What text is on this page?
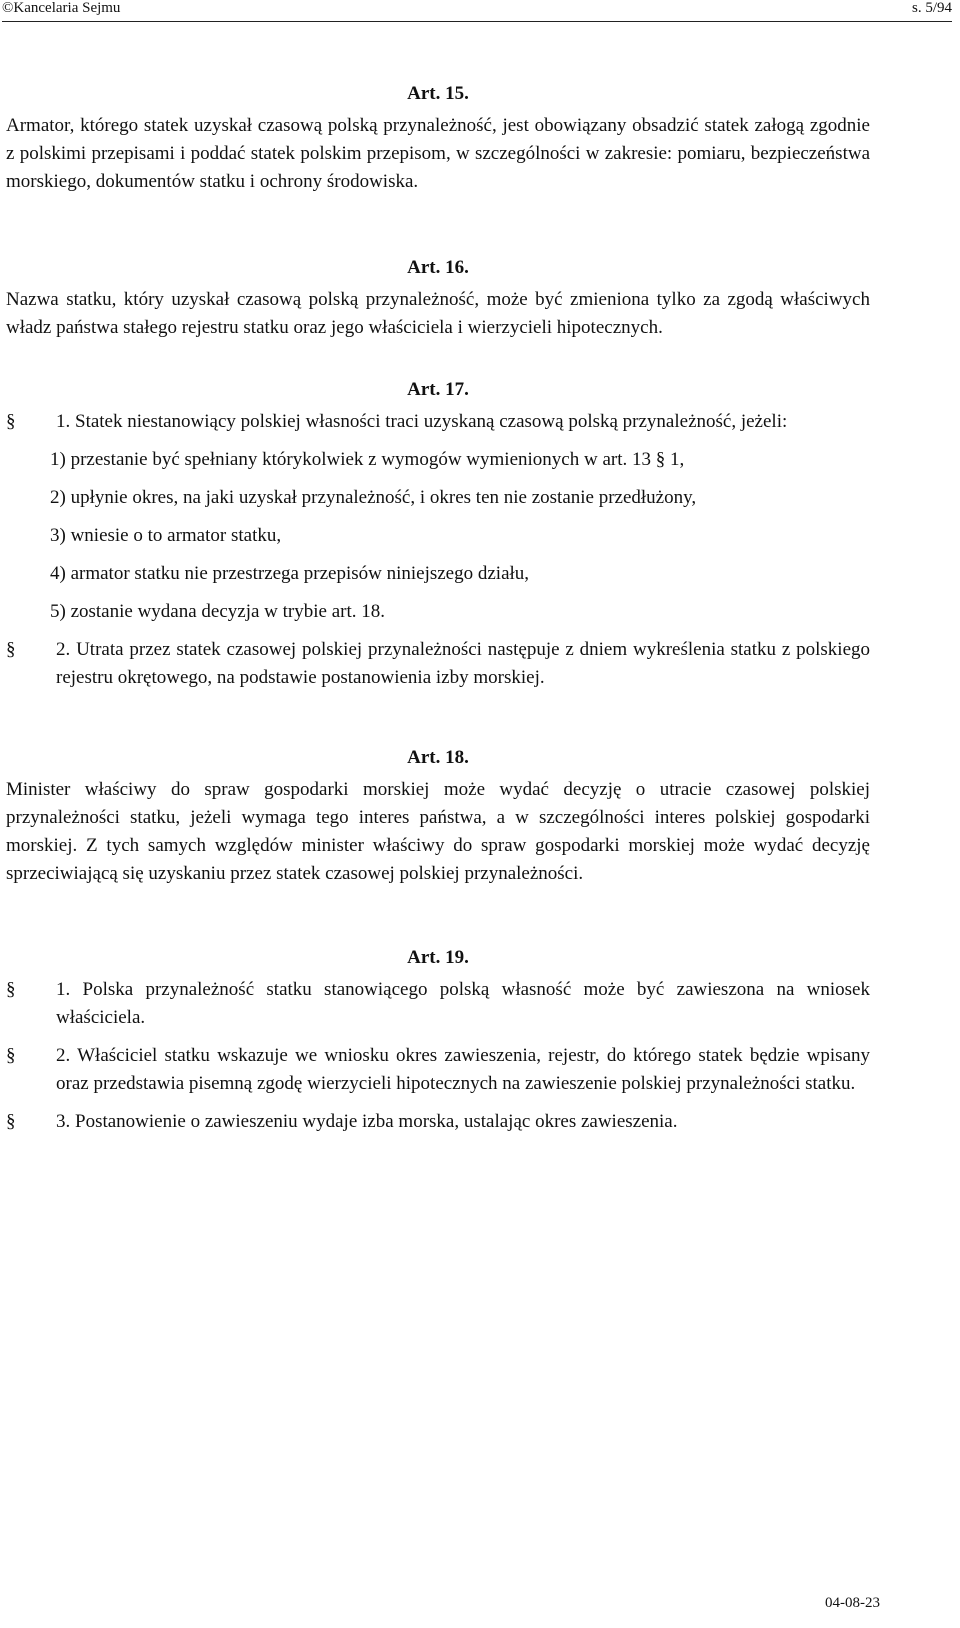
©Kancelaria Sejmu	s. 5/94

Art. 15.

Armator, którego statek uzyskał czasową polską przynależność, jest obowiązany obsadzić statek załogą zgodnie z polskimi przepisami i poddać statek polskim przepisom, w szczególności w zakresie: pomiaru, bezpieczeństwa morskiego, dokumentów statku i ochrony środowiska.

Art. 16.

Nazwa statku, który uzyskał czasową polską przynależność, może być zmieniona tylko za zgodą właściwych władz państwa stałego rejestru statku oraz jego właściciela i wierzycieli hipotecznych.

Art. 17.

§ 1. Statek niestanowiący polskiej własności traci uzyskaną czasową polską przynależność, jeżeli:

1) przestanie być spełniany którykolwiek z wymogów wymienionych w art. 13 § 1,

2) upłynie okres, na jaki uzyskał przynależność, i okres ten nie zostanie przedłużony,

3) wniesie o to armator statku,

4) armator statku nie przestrzega przepisów niniejszego działu,

5) zostanie wydana decyzja w trybie art. 18.

§ 2. Utrata przez statek czasowej polskiej przynależności następuje z dniem wykreślenia statku z polskiego rejestru okrętowego, na podstawie postanowienia izby morskiej.

Art. 18.

Minister właściwy do spraw gospodarki morskiej może wydać decyzję o utracie czasowej polskiej przynależności statku, jeżeli wymaga tego interes państwa, a w szczególności interes polskiej gospodarki morskiej. Z tych samych względów minister właściwy do spraw gospodarki morskiej może wydać decyzję sprzeciwiającą się uzyskaniu przez statek czasowej polskiej przynależności.

Art. 19.

§ 1. Polska przynależność statku stanowiącego polską własność może być zawieszona na wniosek właściciela.
§ 2. Właściciel statku wskazuje we wniosku okres zawieszenia, rejestr, do którego statek będzie wpisany oraz przedstawia pisemną zgodę wierzycieli hipotecznych na zawieszenie polskiej przynależności statku.
§ 3. Postanowienie o zawieszeniu wydaje izba morska, ustalając okres zawieszenia.
04-08-23
